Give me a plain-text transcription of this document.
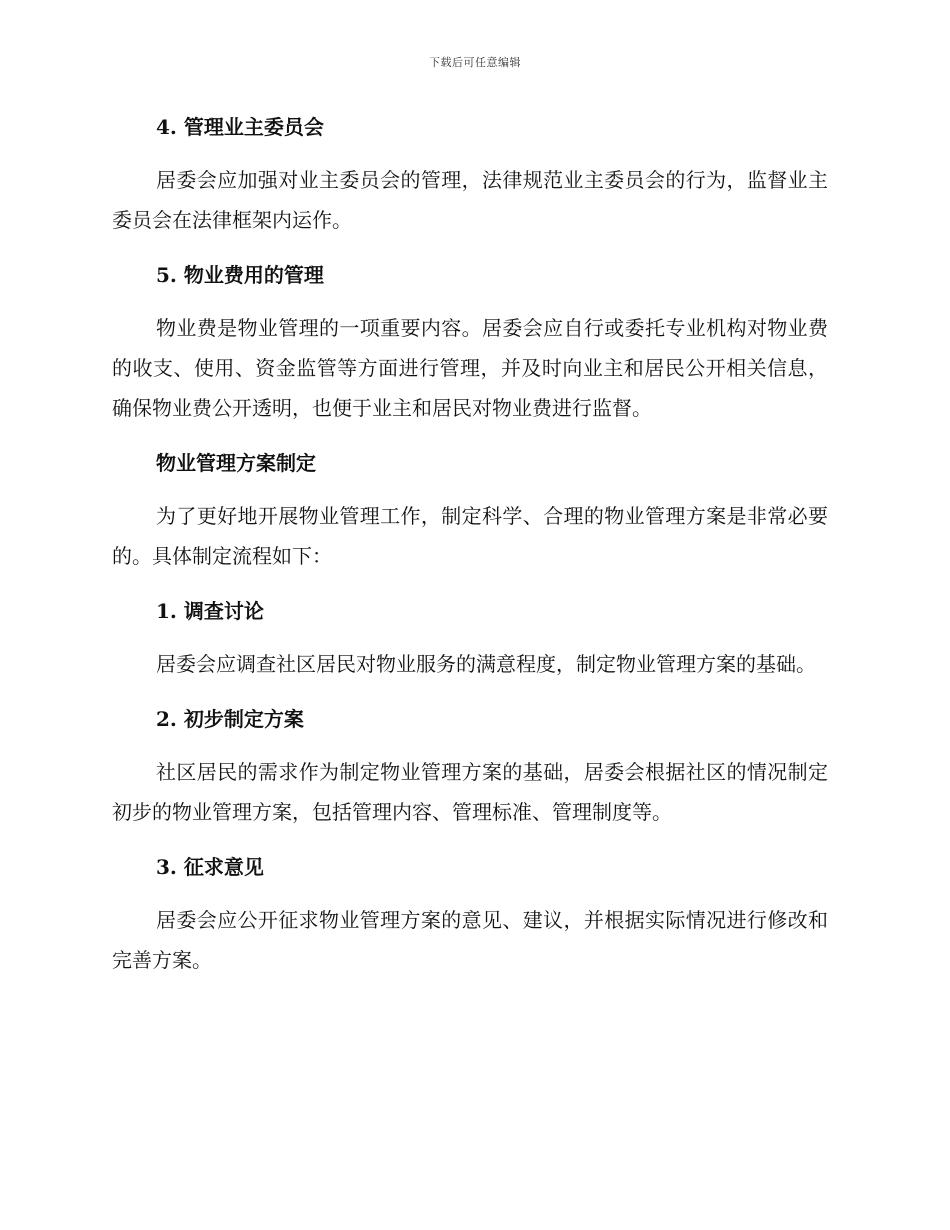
下载后可任意编辑
4. 管理业主委员会

居委会应加强对业主委员会的管理，法律规范业主委员会的行为，监督业主委员会在法律框架内运作。

5. 物业费用的管理

物业费是物业管理的一项重要内容。居委会应自行或委托专业机构对物业费的收支、使用、资金监管等方面进行管理，并及时向业主和居民公开相关信息，确保物业费公开透明，也便于业主和居民对物业费进行监督。

物业管理方案制定

为了更好地开展物业管理工作，制定科学、合理的物业管理方案是非常必要的。具体制定流程如下：

1. 调查讨论

居委会应调查社区居民对物业服务的满意程度，制定物业管理方案的基础。

2. 初步制定方案

社区居民的需求作为制定物业管理方案的基础，居委会根据社区的情况制定初步的物业管理方案，包括管理内容、管理标准、管理制度等。

3. 征求意见

居委会应公开征求物业管理方案的意见、建议，并根据实际情况进行修改和完善方案。
